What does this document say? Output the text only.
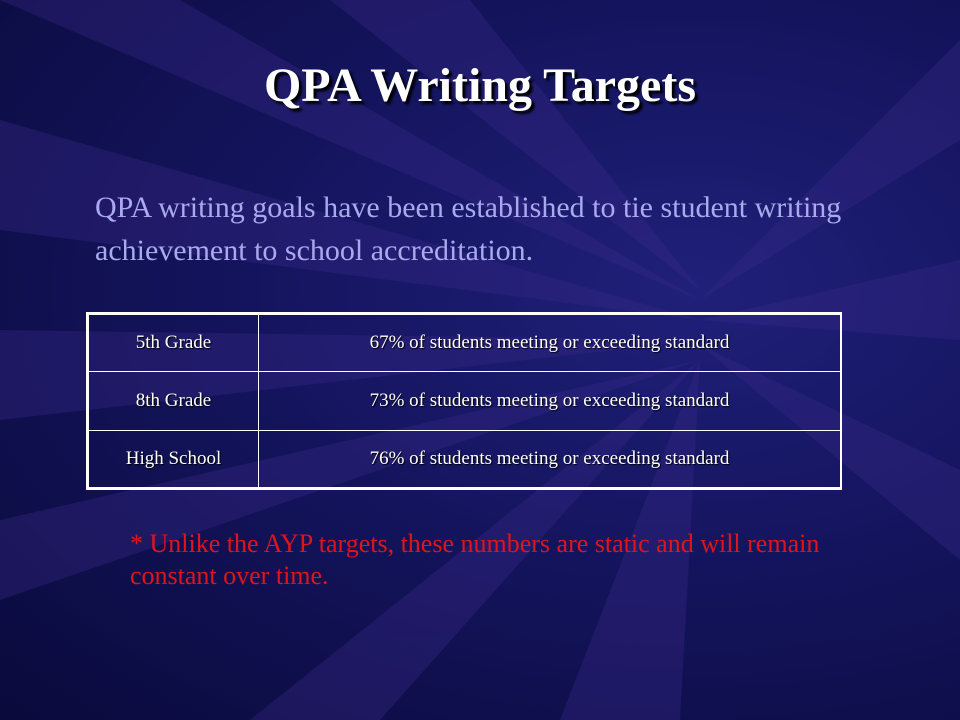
QPA Writing Targets

QPA writing goals have been established to tie student writing achievement to school accreditation.

5th Grade	67% of students meeting or exceeding standard
8th Grade	73% of students meeting or exceeding standard
High School	76% of students meeting or exceeding standard

* Unlike the AYP targets, these numbers are static and will remain constant over time.
